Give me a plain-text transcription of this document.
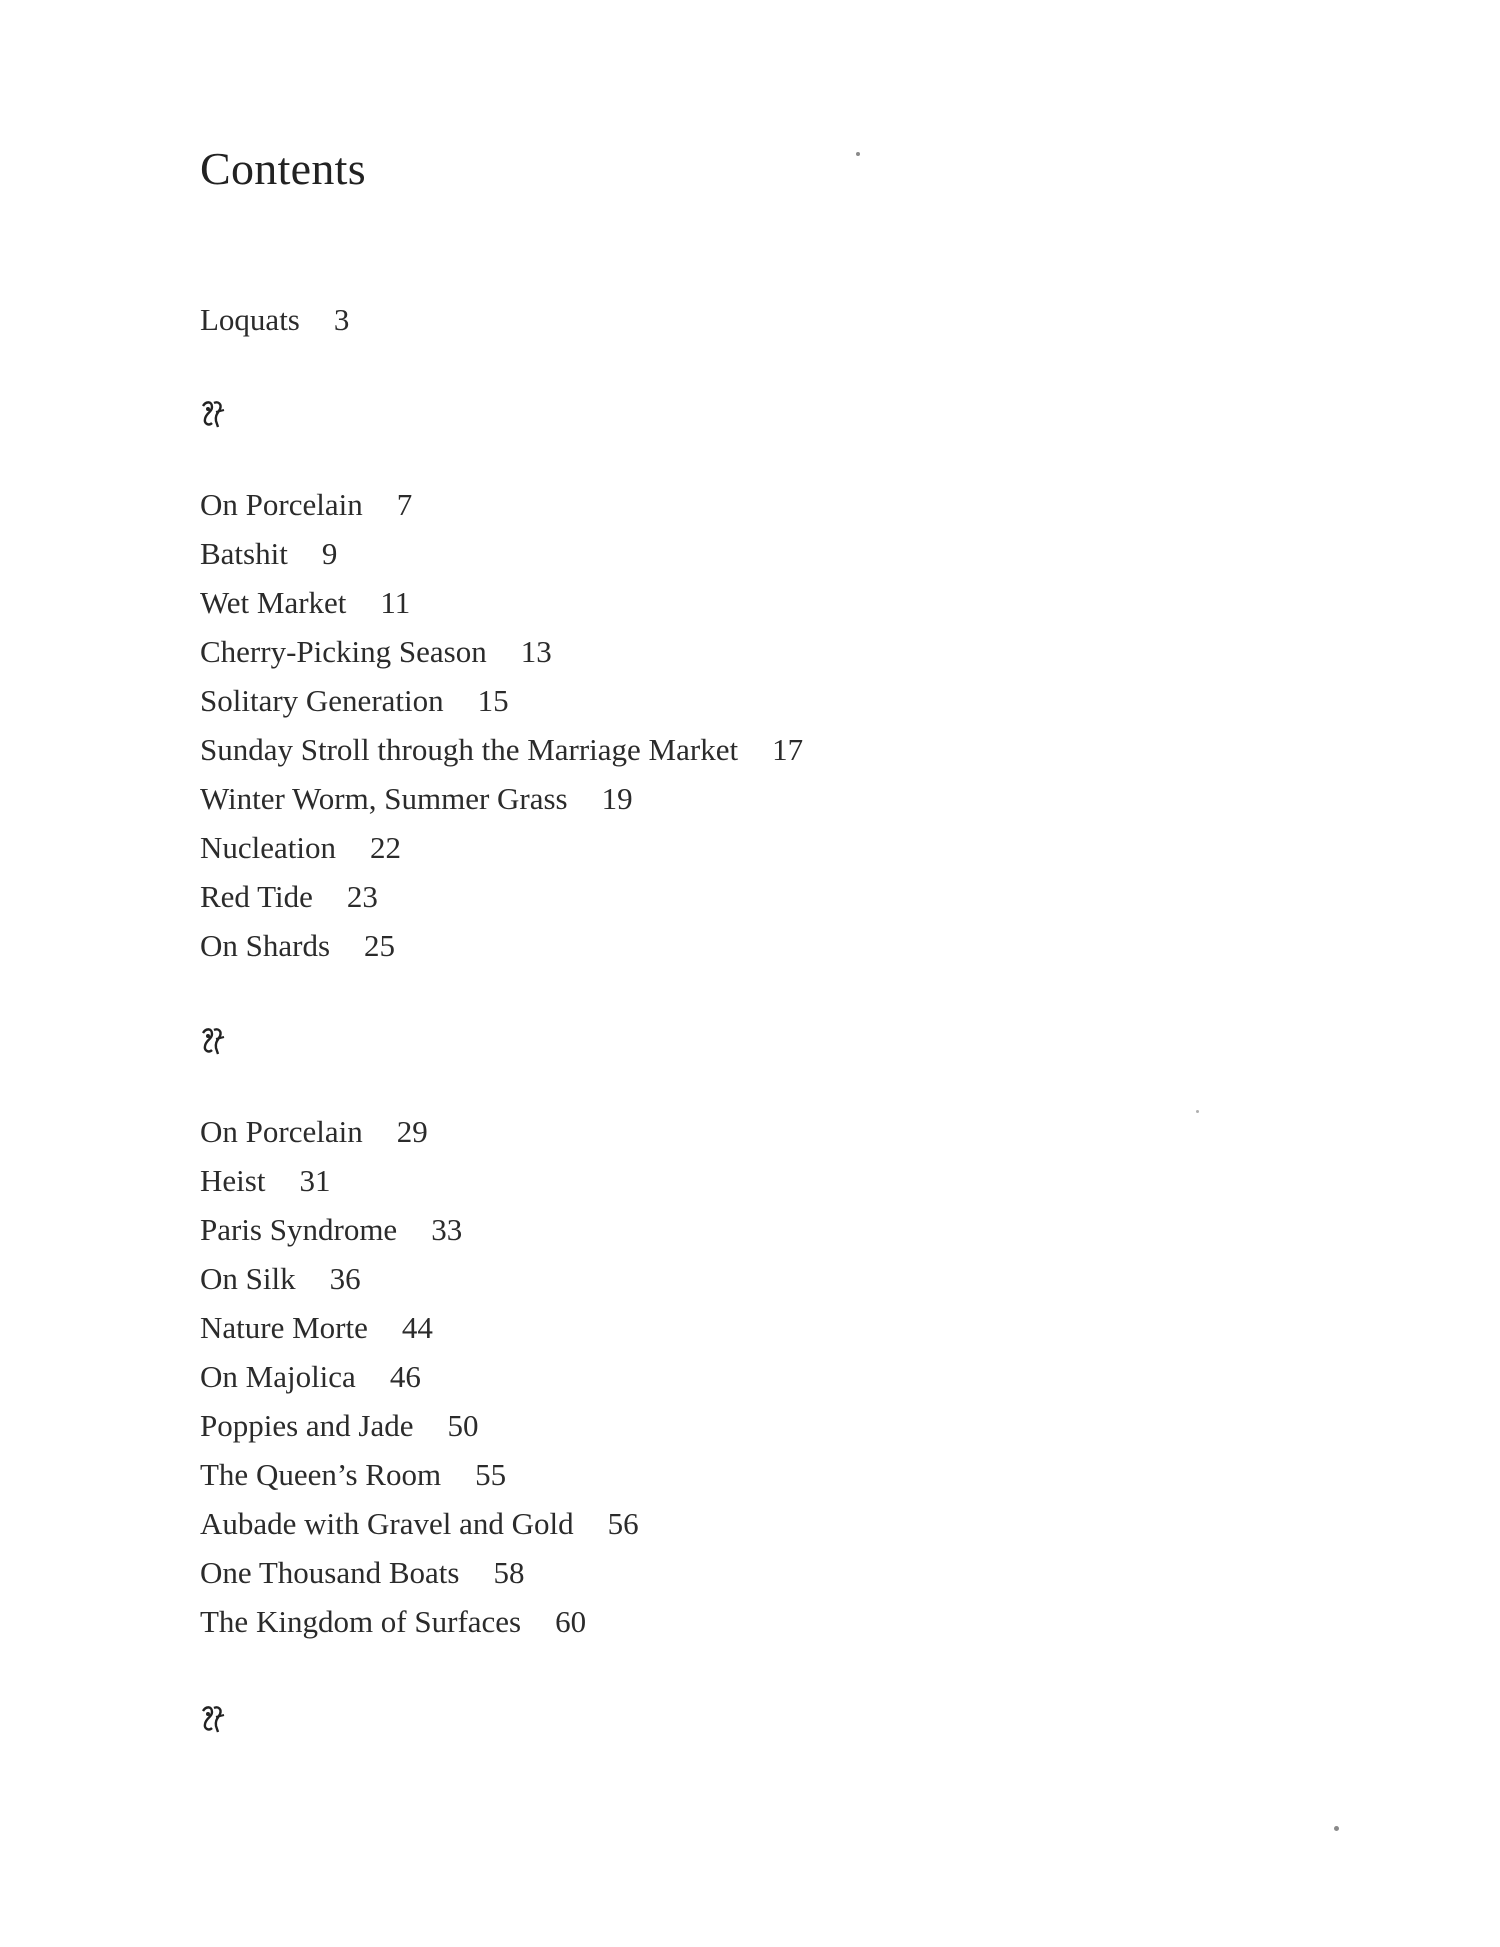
Contents
Loquats 3
On Porcelain 7
Batshit 9
Wet Market 11
Cherry-Picking Season 13
Solitary Generation 15
Sunday Stroll through the Marriage Market 17
Winter Worm, Summer Grass 19
Nucleation 22
Red Tide 23
On Shards 25
On Porcelain 29
Heist 31
Paris Syndrome 33
On Silk 36
Nature Morte 44
On Majolica 46
Poppies and Jade 50
The Queen’s Room 55
Aubade with Gravel and Gold 56
One Thousand Boats 58
The Kingdom of Surfaces 60
